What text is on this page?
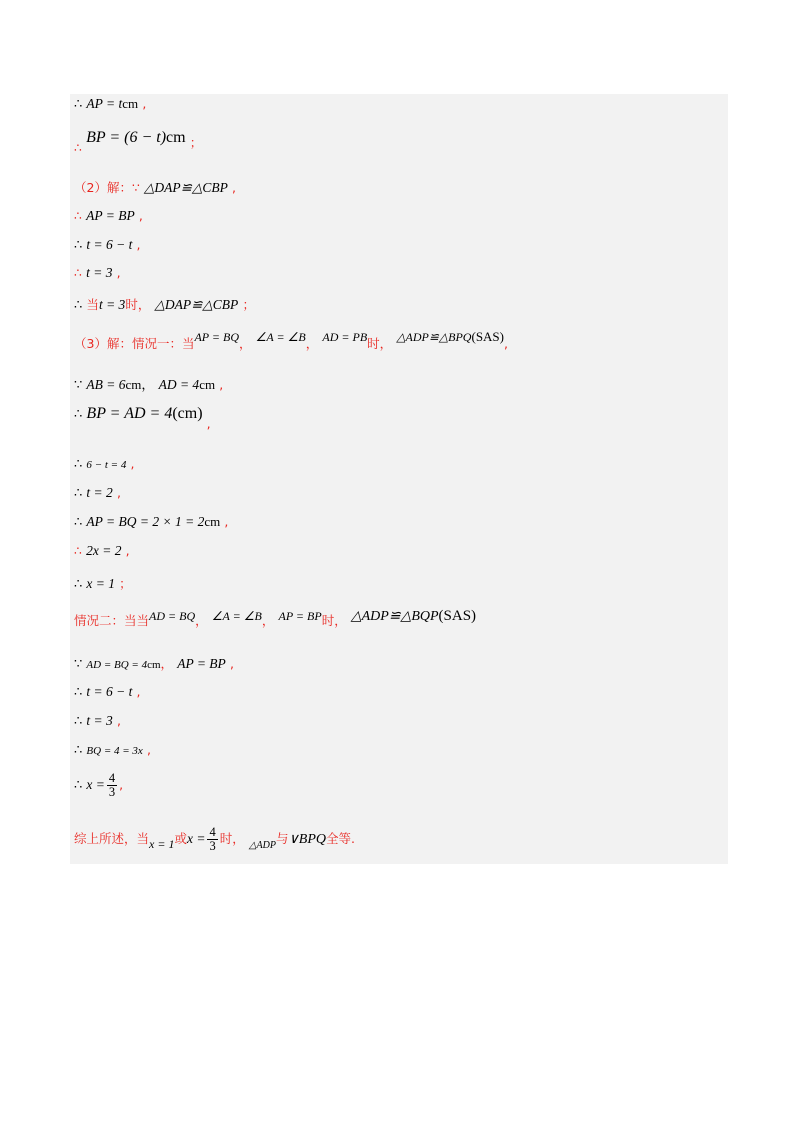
∴ AP = tcm ,
∴ BP = (6 − t)cm ；
（2）解：∵ △DAP≌△CBP ,
∴ AP = BP ,
∴ t = 6 − t ,
∴ t = 3 ,
∴ 当t = 3时， △DAP≌△CBP ；
（3）解：情况一：当AP = BQ， ∠A = ∠B， AD = PB时， △ADP≌△BPQ(SAS),
∵ AB = 6cm， AD = 4cm ,
∴ BP = AD = 4(cm) ,
∴ 6 − t = 4 ,
∴ t = 2 ,
∴ AP = BQ = 2 × 1 = 2cm ,
∴ 2x = 2 ,
∴ x = 1 ；
情况二：当当AD = BQ， ∠A = ∠B， AP = BP时， △ADP≌△BQP(SAS)
∵ AD = BQ = 4cm， AP = BP ,
∴ t = 6 − t ,
∴ t = 3 ,
∴ BQ = 4 = 3x ,
∴ $x = \frac{4}{3}$ ,
综上所述，当x = 1或$x = \frac{4}{3}$ 时， $_{\triangle ADP}$与∨BPQ全等.
